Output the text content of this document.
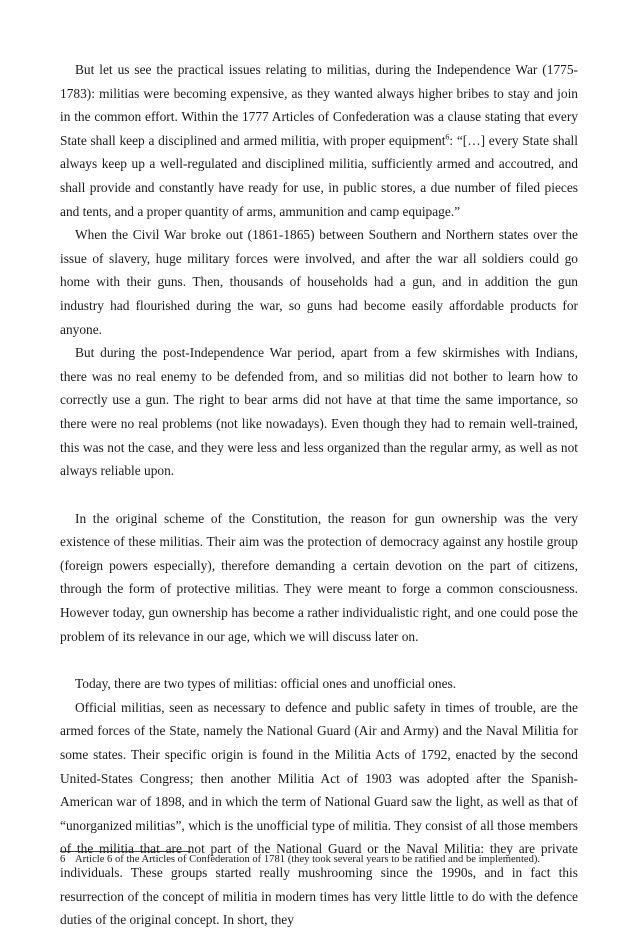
But let us see the practical issues relating to militias, during the Independence War (1775-1783): militias were becoming expensive, as they wanted always higher bribes to stay and join in the common effort. Within the 1777 Articles of Confederation was a clause stating that every State shall keep a disciplined and armed militia, with proper equipment$^6$: “[…] every State shall always keep up a well-regulated and disciplined militia, sufficiently armed and accoutred, and shall provide and constantly have ready for use, in public stores, a due number of filed pieces and tents, and a proper quantity of arms, ammunition and camp equipage.”

When the Civil War broke out (1861-1865) between Southern and Northern states over the issue of slavery, huge military forces were involved, and after the war all soldiers could go home with their guns. Then, thousands of households had a gun, and in addition the gun industry had flourished during the war, so guns had become easily affordable products for anyone.

But during the post-Independence War period, apart from a few skirmishes with Indians, there was no real enemy to be defended from, and so militias did not bother to learn how to correctly use a gun. The right to bear arms did not have at that time the same importance, so there were no real problems (not like nowadays). Even though they had to remain well-trained, this was not the case, and they were less and less organized than the regular army, as well as not always reliable upon.

In the original scheme of the Constitution, the reason for gun ownership was the very existence of these militias. Their aim was the protection of democracy against any hostile group (foreign powers especially), therefore demanding a certain devotion on the part of citizens, through the form of protective militias. They were meant to forge a common consciousness. However today, gun ownership has become a rather individualistic right, and one could pose the problem of its relevance in our age, which we will discuss later on.

Today, there are two types of militias: official ones and unofficial ones.

Official militias, seen as necessary to defence and public safety in times of trouble, are the armed forces of the State, namely the National Guard (Air and Army) and the Naval Militia for some states. Their specific origin is found in the Militia Acts of 1792, enacted by the second United-States Congress; then another Militia Act of 1903 was adopted after the Spanish-American war of 1898, and in which the term of National Guard saw the light, as well as that of “unorganized militias”, which is the unofficial type of militia. They consist of all those members of the militia that are not part of the National Guard or the Naval Militia: they are private individuals. These groups started really mushrooming since the 1990s, and in fact this resurrection of the concept of militia in modern times has very little little to do with the defence duties of the original concept. In short, they

6 Article 6 of the Articles of Confederation of 1781 (they took several years to be ratified and be implemented).
